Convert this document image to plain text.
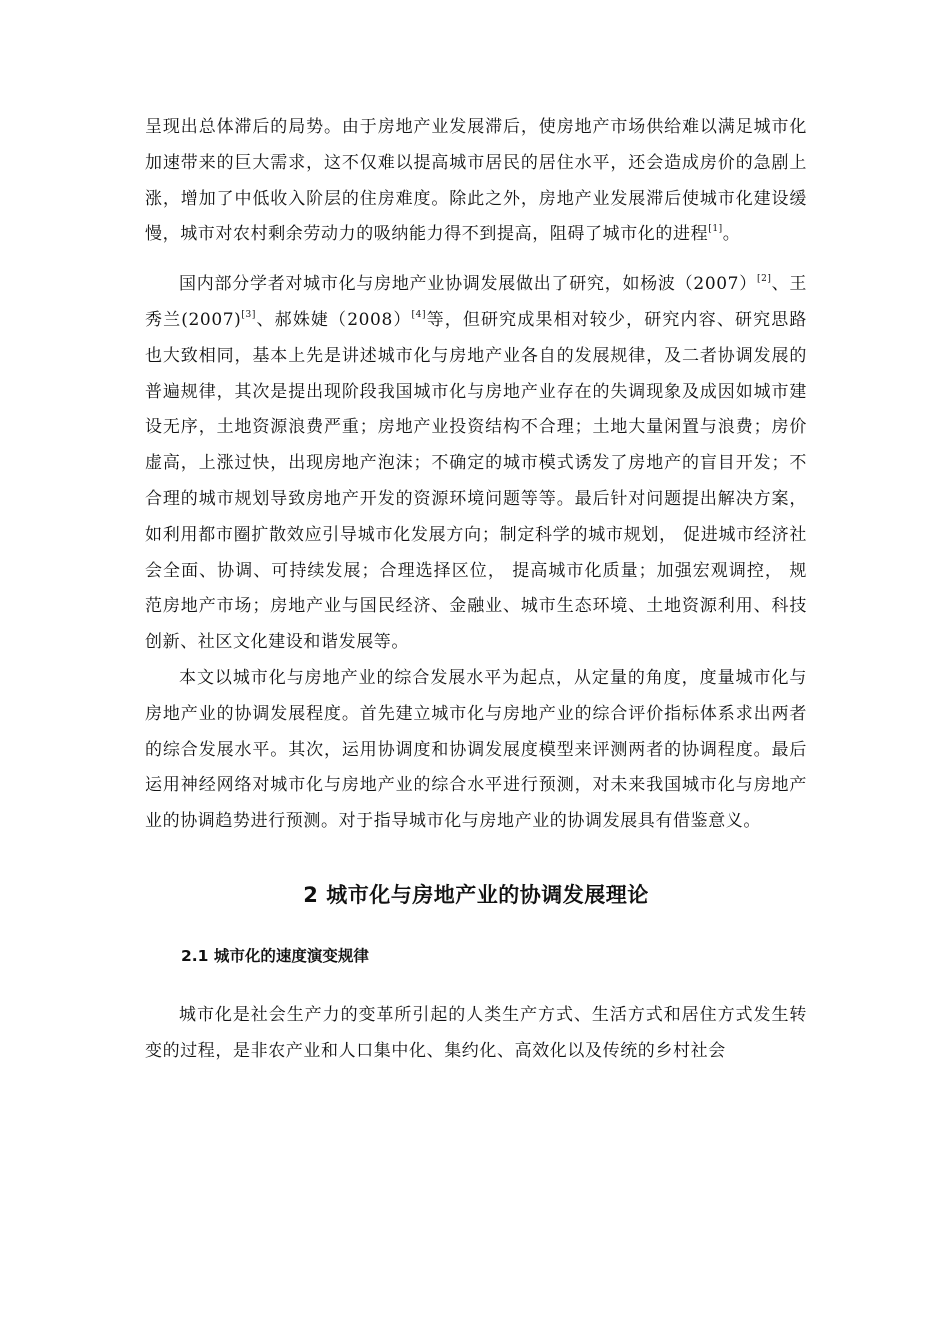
呈现出总体滞后的局势。由于房地产业发展滞后，使房地产市场供给难以满足城市化加速带来的巨大需求，这不仅难以提高城市居民的居住水平，还会造成房价的急剧上涨，增加了中低收入阶层的住房难度。除此之外，房地产业发展滞后使城市化建设缓慢，城市对农村剩余劳动力的吸纳能力得不到提高，阻碍了城市化的进程[1]。

国内部分学者对城市化与房地产业协调发展做出了研究，如杨波（2007）[2]、王秀兰(2007)[3]、郝姝婕（2008）[4]等，但研究成果相对较少，研究内容、研究思路也大致相同，基本上先是讲述城市化与房地产业各自的发展规律，及二者协调发展的普遍规律，其次是提出现阶段我国城市化与房地产业存在的失调现象及成因如城市建设无序，土地资源浪费严重；房地产业投资结构不合理；土地大量闲置与浪费；房价虚高，上涨过快，出现房地产泡沫；不确定的城市模式诱发了房地产的盲目开发；不合理的城市规划导致房地产开发的资源环境问题等等。最后针对问题提出解决方案，如利用都市圈扩散效应引导城市化发展方向；制定科学的城市规划， 促进城市经济社会全面、协调、可持续发展；合理选择区位， 提高城市化质量；加强宏观调控， 规范房地产市场；房地产业与国民经济、金融业、城市生态环境、土地资源利用、科技创新、社区文化建设和谐发展等。

本文以城市化与房地产业的综合发展水平为起点，从定量的角度，度量城市化与房地产业的协调发展程度。首先建立城市化与房地产业的综合评价指标体系求出两者的综合发展水平。其次，运用协调度和协调发展度模型来评测两者的协调程度。最后运用神经网络对城市化与房地产业的综合水平进行预测，对未来我国城市化与房地产业的协调趋势进行预测。对于指导城市化与房地产业的协调发展具有借鉴意义。

2 城市化与房地产业的协调发展理论
2.1 城市化的速度演变规律

城市化是社会生产力的变革所引起的人类生产方式、生活方式和居住方式发生转变的过程，是非农产业和人口集中化、集约化、高效化以及传统的乡村社会
